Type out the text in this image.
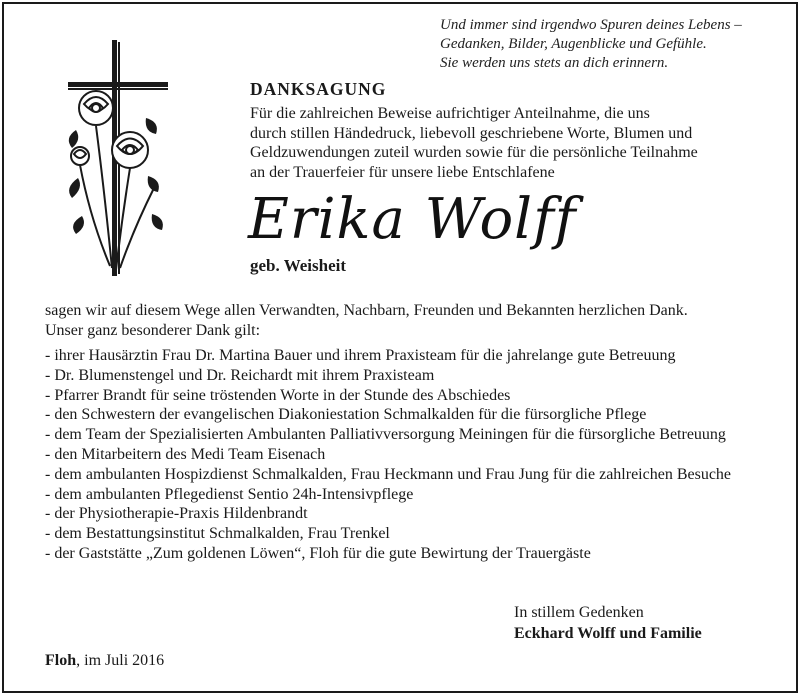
Und immer sind irgendwo Spuren deines Lebens –
Gedanken, Bilder, Augenblicke und Gefühle.
Sie werden uns stets an dich erinnern.
DANKSAGUNG
Für die zahlreichen Beweise aufrichtiger Anteilnahme, die uns
durch stillen Händedruck, liebevoll geschriebene Worte, Blumen und
Geldzuwendungen zuteil wurden sowie für die persönliche Teilnahme
an der Trauerfeier für unsere liebe Entschlafene
Erika Wolff
geb. Weisheit
sagen wir auf diesem Wege allen Verwandten, Nachbarn, Freunden und Bekannten herzlichen Dank.
Unser ganz besonderer Dank gilt:
- ihrer Hausärztin Frau Dr. Martina Bauer und ihrem Praxisteam für die jahrelange gute Betreuung
- Dr. Blumenstengel und Dr. Reichardt mit ihrem Praxisteam
- Pfarrer Brandt für seine tröstenden Worte in der Stunde des Abschiedes
- den Schwestern der evangelischen Diakoniestation Schmalkalden für die fürsorgliche Pflege
- dem Team der Spezialisierten Ambulanten Palliativversorgung Meiningen für die fürsorgliche Betreuung
- den Mitarbeitern des Medi Team Eisenach
- dem ambulanten Hospizdienst Schmalkalden, Frau Heckmann und Frau Jung für die zahlreichen Besuche
- dem ambulanten Pflegedienst Sentio 24h-Intensivpflege
- der Physiotherapie-Praxis Hildenbrandt
- dem Bestattungsinstitut Schmalkalden, Frau Trenkel
- der Gaststätte „Zum goldenen Löwen“, Floh für die gute Bewirtung der Trauergäste
In stillem Gedenken
Eckhard Wolff und Familie
Floh, im Juli 2016
